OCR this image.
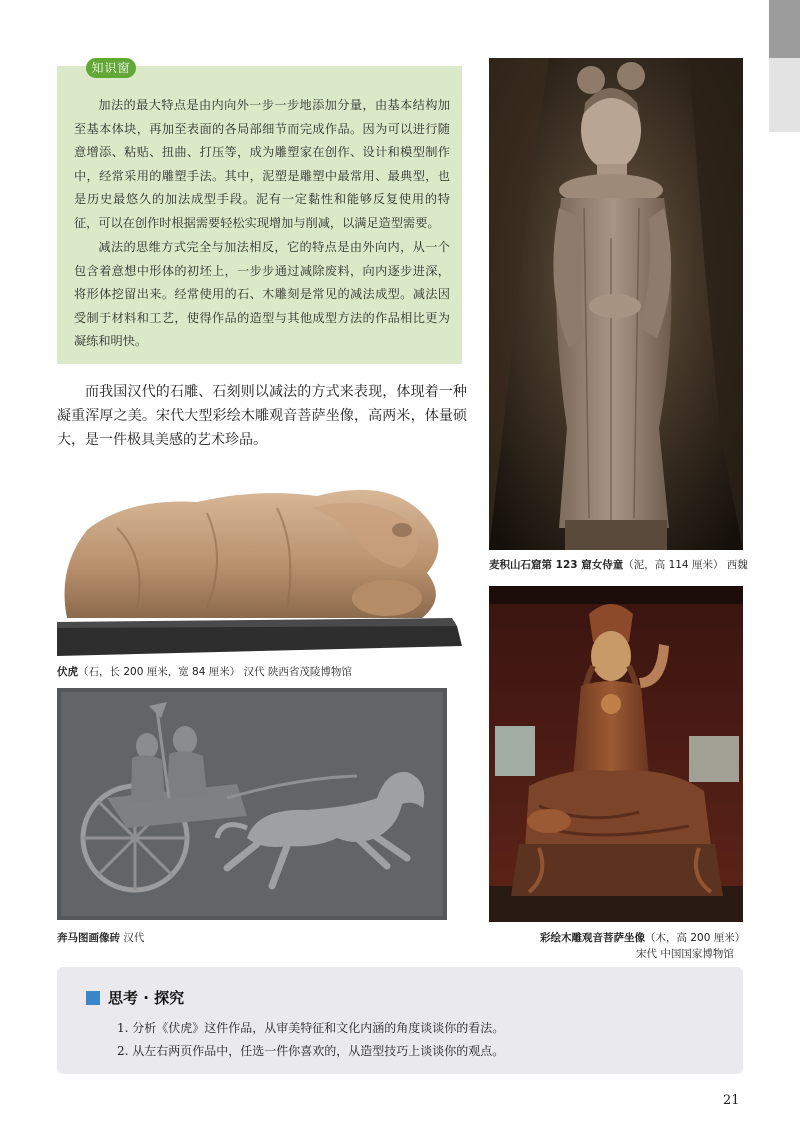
知识窗

加法的最大特点是由内向外一步一步地添加分量，由基本结构加至基本体块，再加至表面的各局部细节而完成作品。因为可以进行随意增添、粘贴、扭曲、打压等，成为雕塑家在创作、设计和模型制作中，经常采用的雕塑手法。其中，泥塑是雕塑中最常用、最典型，也是历史最悠久的加法成型手段。泥有一定黏性和能够反复使用的特征，可以在创作时根据需要轻松实现增加与削减，以满足造型需要。

减法的思维方式完全与加法相反，它的特点是由外向内，从一个包含着意想中形体的初坯上，一步步通过减除废料，向内逐步进深，将形体挖留出来。经常使用的石、木雕刻是常见的减法成型。减法因受制于材料和工艺，使得作品的造型与其他成型方法的作品相比更为凝练和明快。

而我国汉代的石雕、石刻则以减法的方式来表现，体现着一种凝重浑厚之美。宋代大型彩绘木雕观音菩萨坐像，高两米，体量硕大，是一件极具美感的艺术珍品。

麦积山石窟第 123 窟女侍童（泥，高 114 厘米） 西魏
伏虎（石，长 200 厘米，宽 84 厘米） 汉代 陕西省茂陵博物馆
奔马图画像砖 汉代	彩绘木雕观音菩萨坐像（木，高 200 厘米）
宋代 中国国家博物馆
思考 · 探究
1. 分析《伏虎》这件作品，从审美特征和文化内涵的角度谈谈你的看法。
2. 从左右两页作品中，任选一件你喜欢的，从造型技巧上谈谈你的观点。
21
